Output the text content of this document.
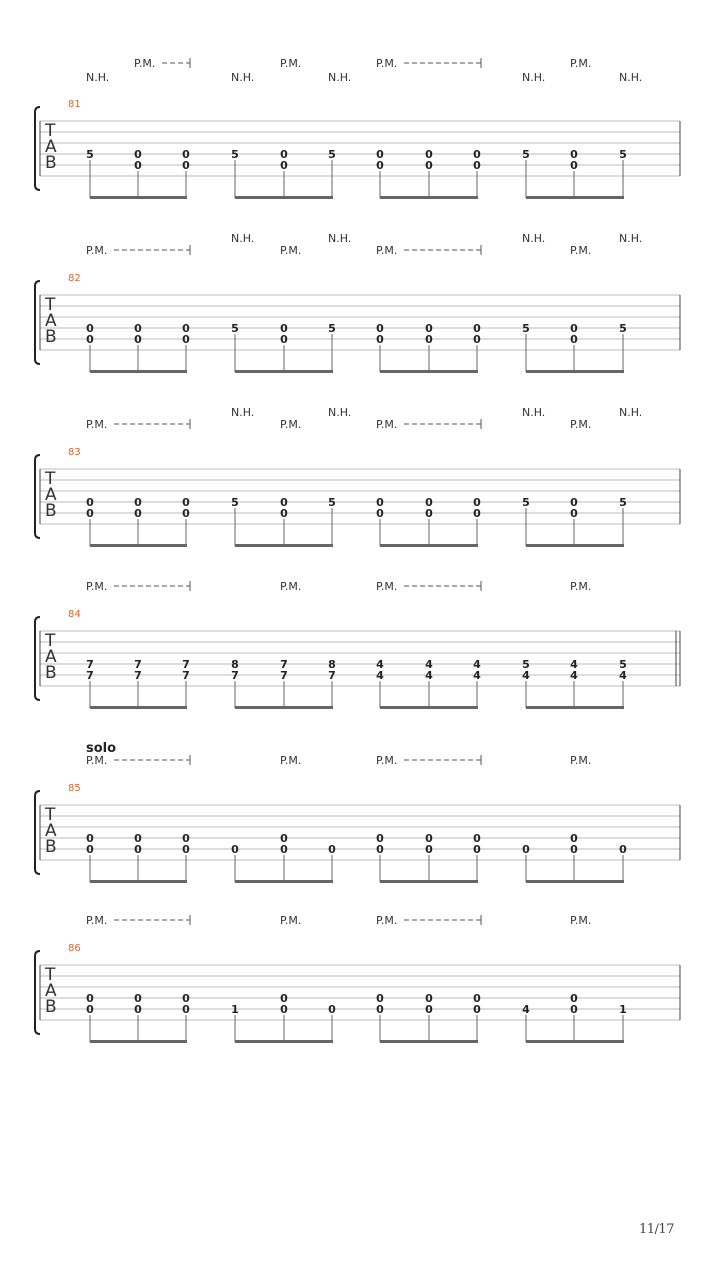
T
A
B
81
N.H.	N.H.	N.H.	N.H.	N.H.
P.M.	P.M.	P.M.	P.M.
5	0
0
0
0
5	0
0
5	0
0
0
0
0
0
5	0
0
5
T
A
B
82
N.H.	N.H.	N.H.	N.H.
P.M.	P.M.	P.M.	P.M.
0
0
0
0
0
0
5	0
0
5	0
0
0
0
0
0
5	0
0
5
T
A
B
83
N.H.	N.H.	N.H.	N.H.
P.M.	P.M.	P.M.	P.M.
0
0
0
0
0
0
5	0
0
5	0
0
0
0
0
0
5	0
0
5
T
A
B
84
P.M.	P.M.	P.M.	P.M.
7
7
7
7
7
7
8
7
7
7
8
7
4
4
4
4
4
4
5
4
4
4
5
4
T
A
B
85
solo
P.M.	P.M.	P.M.	P.M.
0
0
0
0
0
0	0
0
0	0
0
0
0
0
0
0	0
0
0	0
T
A
B
86
P.M.	P.M.	P.M.	P.M.
0
0
0
0
0
0	1
0
0	0
0
0
0
0
0
0	4
0
0	1
11/17
